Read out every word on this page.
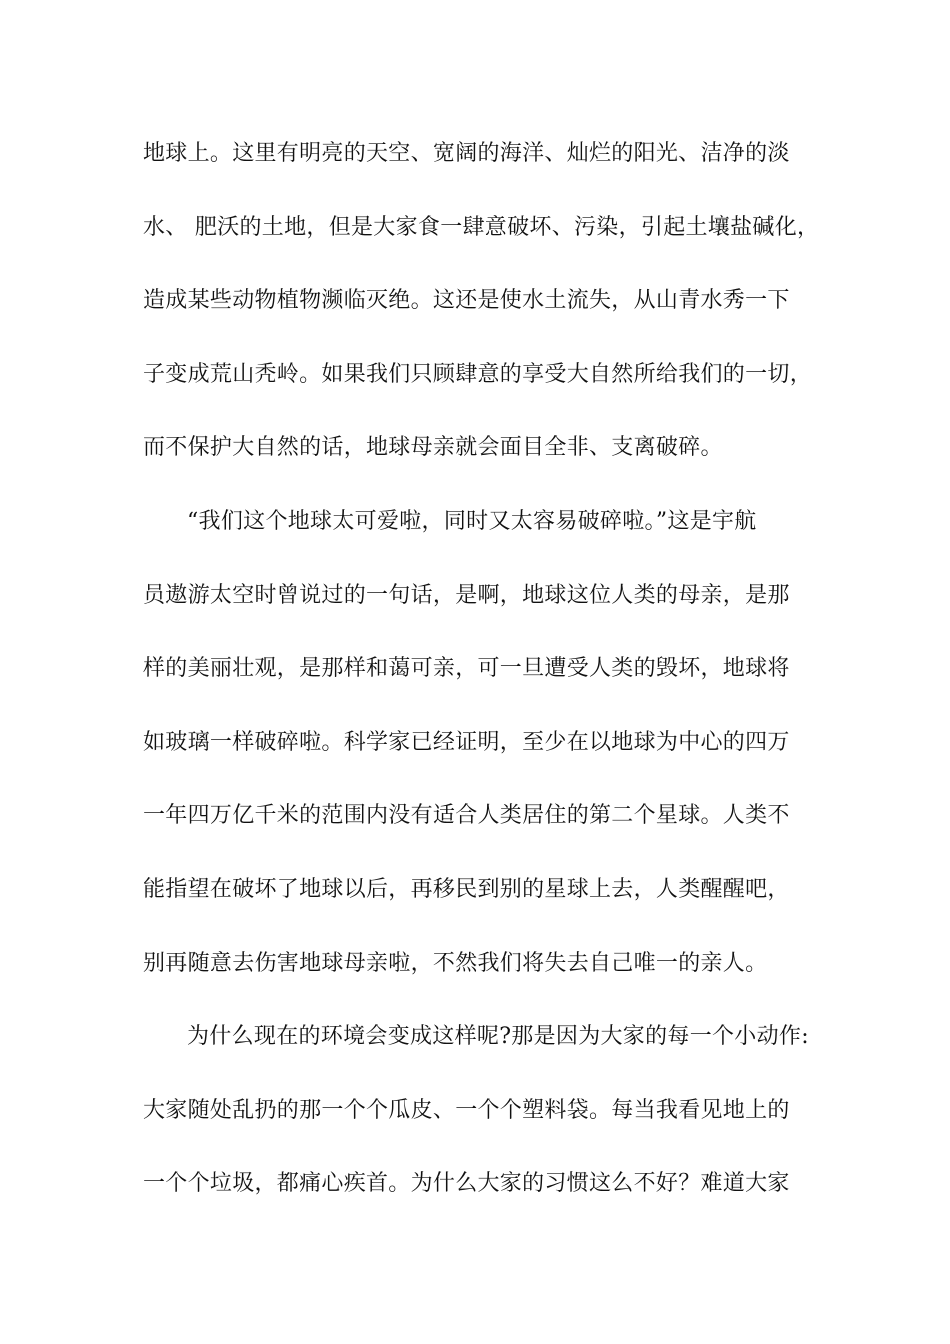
地球上。这里有明亮的天空、宽阔的海洋、灿烂的阳光、洁净的淡
水、 肥沃的土地，但是大家食一肆意破坏、污染，引起土壤盐碱化，
造成某些动物植物濒临灭绝。这还是使水土流失，从山青水秀一下
子变成荒山秃岭。如果我们只顾肆意的享受大自然所给我们的一切，
而不保护大自然的话，地球母亲就会面目全非、支离破碎。
“我们这个地球太可爱啦，同时又太容易破碎啦。”这是宇航
员遨游太空时曾说过的一句话，是啊，地球这位人类的母亲，是那
样的美丽壮观，是那样和蔼可亲，可一旦遭受人类的毁坏，地球将
如玻璃一样破碎啦。科学家已经证明，至少在以地球为中心的四万
一年四万亿千米的范围内没有适合人类居住的第二个星球。人类不
能指望在破坏了地球以后，再移民到别的星球上去，人类醒醒吧，
别再随意去伤害地球母亲啦，不然我们将失去自己唯一的亲人。
为什么现在的环境会变成这样呢?那是因为大家的每一个小动作:
大家随处乱扔的那一个个瓜皮、一个个塑料袋。每当我看见地上的
一个个垃圾，都痛心疾首。为什么大家的习惯这么不好？难道大家
